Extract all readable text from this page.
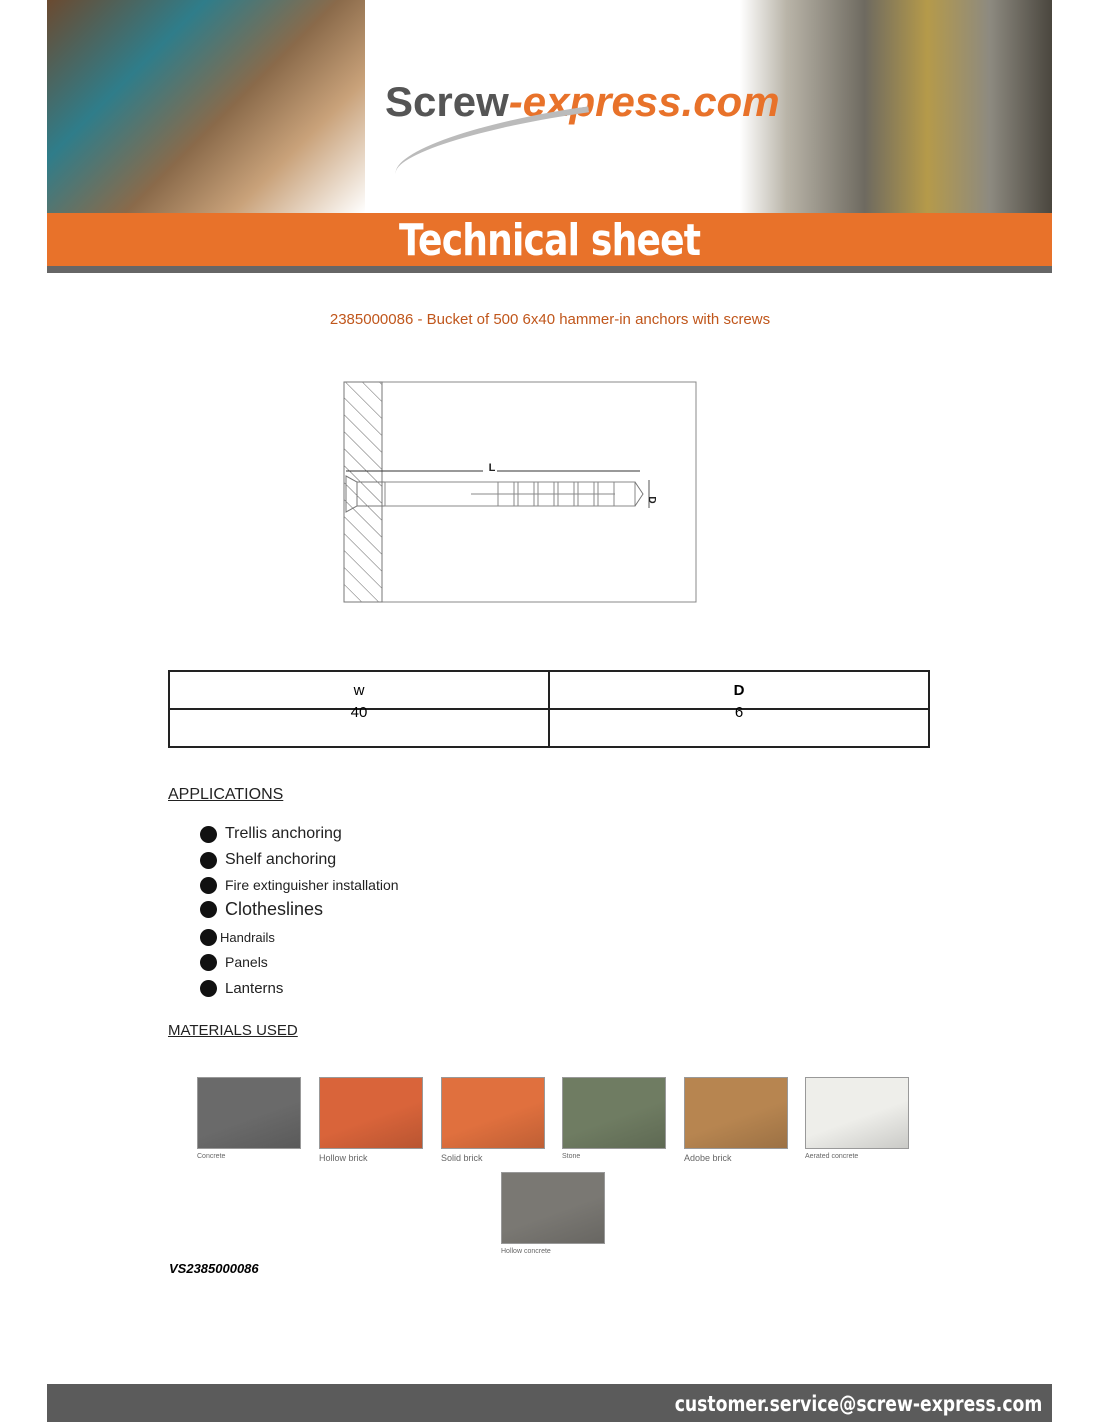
Screw-express.com
Technical sheet
2385000086 - Bucket of 500 6x40 hammer-in anchors with screws
L
D
w	D
40	6
APPLICATIONS
Trellis anchoring
Shelf anchoring
Fire extinguisher installation
Clotheslines
Handrails
Panels
Lanterns
MATERIALS USED
Concrete	Hollow brick	Solid brick	Stone	Adobe brick	Aerated concrete
Hollow concrete
VS2385000086
customer.service@screw-express.com
